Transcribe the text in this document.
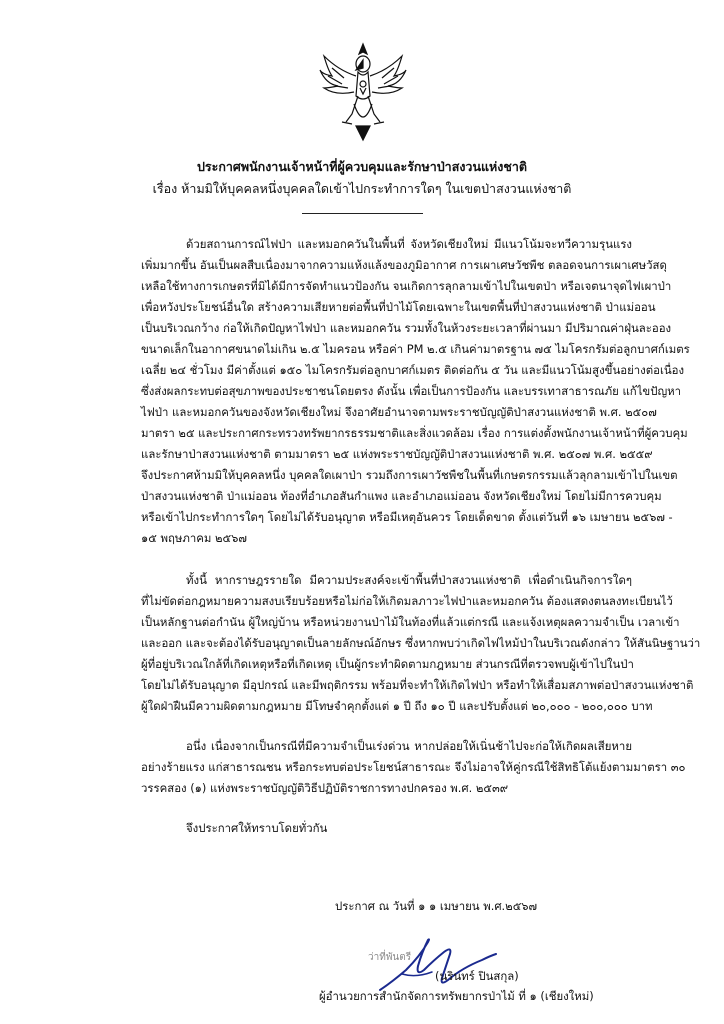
ประกาศพนักงานเจ้าหน้าที่ผู้ควบคุมและรักษาป่าสงวนแห่งชาติ
เรื่อง ห้ามมิให้บุคคลหนึ่งบุคคลใดเข้าไปกระทำการใดๆ ในเขตป่าสงวนแห่งชาติ
ด้วยสถานการณ์ไฟป่า และหมอกควันในพื้นที่ จังหวัดเชียงใหม่ มีแนวโน้มจะทวีความรุนแรง
เพิ่มมากขึ้น อันเป็นผลสืบเนื่องมาจากความแห้งแล้งของภูมิอากาศ การเผาเศษวัชพืช ตลอดจนการเผาเศษวัสดุ
เหลือใช้ทางการเกษตรที่มิได้มีการจัดทำแนวป้องกัน จนเกิดการลุกลามเข้าไปในเขตป่า หรือเจตนาจุดไฟเผาป่า
เพื่อหวังประโยชน์อื่นใด สร้างความเสียหายต่อพื้นที่ป่าไม้โดยเฉพาะในเขตพื้นที่ป่าสงวนแห่งชาติ ป่าแม่ออน
เป็นบริเวณกว้าง ก่อให้เกิดปัญหาไฟป่า และหมอกควัน รวมทั้งในห้วงระยะเวลาที่ผ่านมา มีปริมาณค่าฝุ่นละออง
ขนาดเล็กในอากาศขนาดไม่เกิน ๒.๕ ไมครอน หรือค่า PM ๒.๕ เกินค่ามาตรฐาน ๗๕ ไมโครกรัมต่อลูกบาศก์เมตร
เฉลี่ย ๒๔ ชั่วโมง มีค่าตั้งแต่ ๑๕๐ ไมโครกรัมต่อลูกบาศก์เมตร ติดต่อกัน ๕ วัน และมีแนวโน้มสูงขึ้นอย่างต่อเนื่อง
ซึ่งส่งผลกระทบต่อสุขภาพของประชาชนโดยตรง ดังนั้น เพื่อเป็นการป้องกัน และบรรเทาสาธารณภัย แก้ไขปัญหา
ไฟป่า และหมอกควันของจังหวัดเชียงใหม่ จึงอาศัยอำนาจตามพระราชบัญญัติป่าสงวนแห่งชาติ พ.ศ. ๒๕๐๗
มาตรา ๒๕ และประกาศกระทรวงทรัพยากรธรรมชาติและสิ่งแวดล้อม เรื่อง การแต่งตั้งพนักงานเจ้าหน้าที่ผู้ควบคุม
และรักษาป่าสงวนแห่งชาติ ตามมาตรา ๒๕ แห่งพระราชบัญญัติป่าสงวนแห่งชาติ พ.ศ. ๒๕๐๗ พ.ศ. ๒๕๕๙
จึงประกาศห้ามมิให้บุคคลหนึ่ง บุคคลใดเผาป่า รวมถึงการเผาวัชพืชในพื้นที่เกษตรกรรมแล้วลุกลามเข้าไปในเขต
ป่าสงวนแห่งชาติ ป่าแม่ออน ท้องที่อำเภอสันกำแพง และอำเภอแม่ออน จังหวัดเชียงใหม่ โดยไม่มีการควบคุม
หรือเข้าไปกระทำการใดๆ โดยไม่ได้รับอนุญาต หรือมีเหตุอันควร โดยเด็ดขาด ตั้งแต่วันที่ ๑๖ เมษายน ๒๕๖๗ -
๑๕ พฤษภาคม ๒๕๖๗
ทั้งนี้ หากราษฎรรายใด มีความประสงค์จะเข้าพื้นที่ป่าสงวนแห่งชาติ เพื่อดำเนินกิจการใดๆ
ที่ไม่ขัดต่อกฎหมายความสงบเรียบร้อยหรือไม่ก่อให้เกิดมลภาวะไฟป่าและหมอกควัน ต้องแสดงตนลงทะเบียนไว้
เป็นหลักฐานต่อกำนัน ผู้ใหญ่บ้าน หรือหน่วยงานป่าไม้ในท้องที่แล้วแต่กรณี และแจ้งเหตุผลความจำเป็น เวลาเข้า
และออก และจะต้องได้รับอนุญาตเป็นลายลักษณ์อักษร ซึ่งหากพบว่าเกิดไฟไหม้ป่าในบริเวณดังกล่าว ให้สันนิษฐานว่า
ผู้ที่อยู่บริเวณใกล้ที่เกิดเหตุหรือที่เกิดเหตุ เป็นผู้กระทำผิดตามกฎหมาย ส่วนกรณีที่ตรวจพบผู้เข้าไปในป่า
โดยไม่ได้รับอนุญาต มีอุปกรณ์ และมีพฤติกรรม พร้อมที่จะทำให้เกิดไฟป่า หรือทำให้เสื่อมสภาพต่อป่าสงวนแห่งชาติ
ผู้ใดฝ่าฝืนมีความผิดตามกฎหมาย มีโทษจำคุกตั้งแต่ ๑ ปี ถึง ๑๐ ปี และปรับตั้งแต่ ๒๐,๐๐๐ - ๒๐๐,๐๐๐ บาท
อนึ่ง เนื่องจากเป็นกรณีที่มีความจำเป็นเร่งด่วน หากปล่อยให้เนิ่นช้าไปจะก่อให้เกิดผลเสียหาย
อย่างร้ายแรง แก่สาธารณชน หรือกระทบต่อประโยชน์สาธารณะ จึงไม่อาจให้คู่กรณีใช้สิทธิโต้แย้งตามมาตรา ๓๐
วรรคสอง (๑) แห่งพระราชบัญญัติวิธีปฏิบัติราชการทางปกครอง พ.ศ. ๒๕๓๙
จึงประกาศให้ทราบโดยทั่วกัน
ประกาศ ณ วันที่ ๑ ๑ เมษายน พ.ศ.๒๕๖๗
ว่าที่พันตรี
(นรินทร์ ปินสกุล)
ผู้อำนวยการสำนักจัดการทรัพยากรป่าไม้ ที่ ๑ (เชียงใหม่)
